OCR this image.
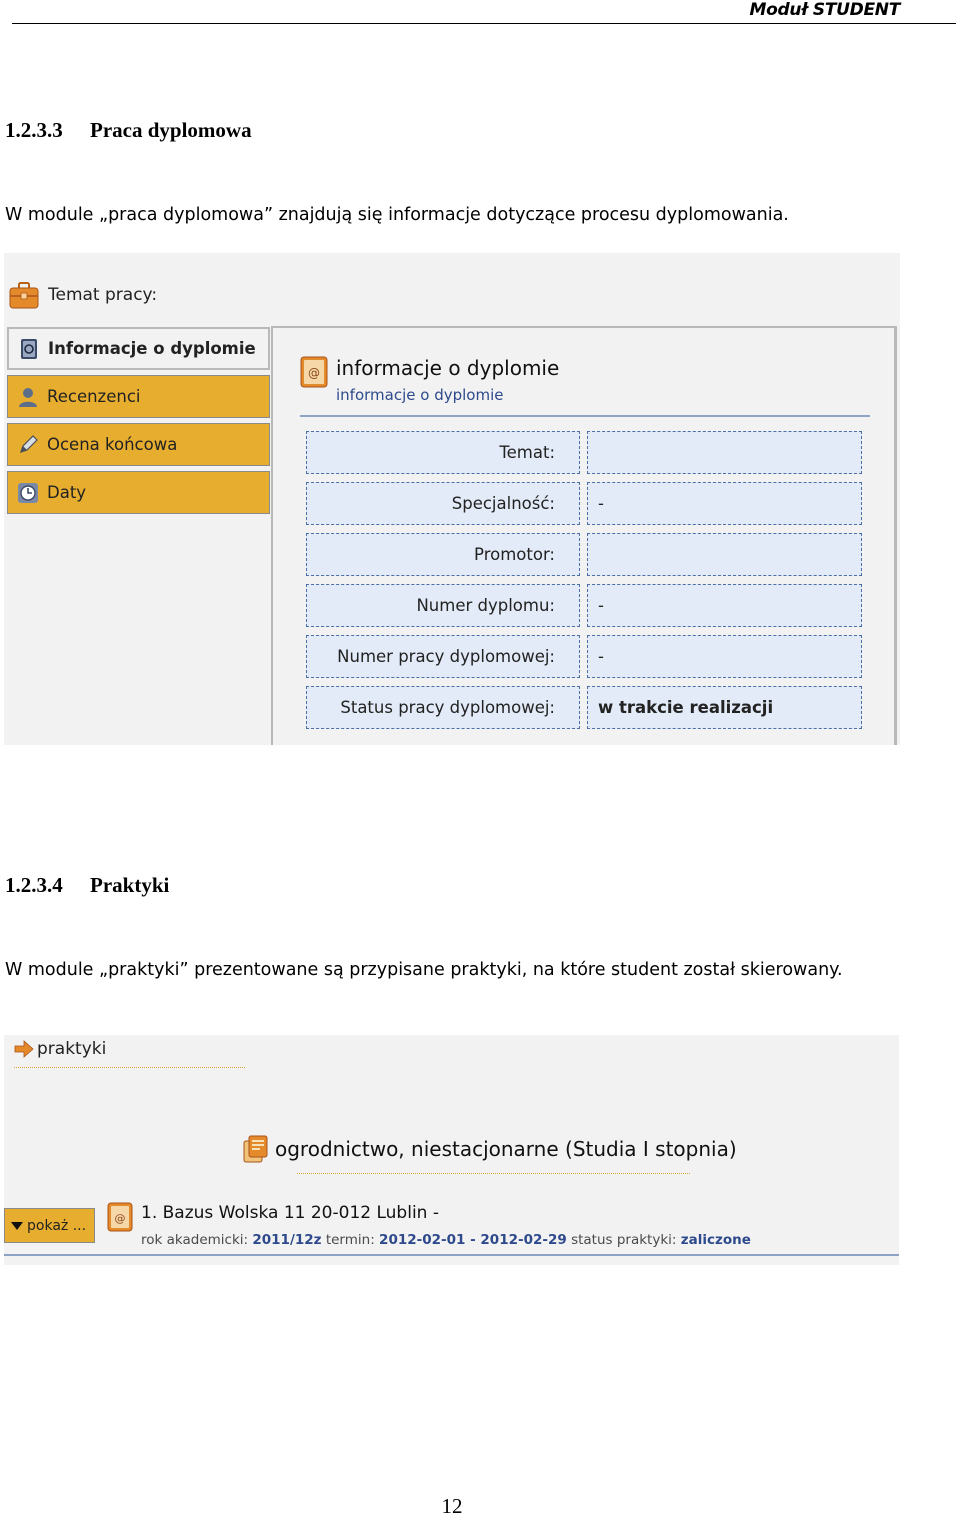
Moduł STUDENT
1.2.3.3 Praca dyplomowa
W module „praca dyplomowa” znajdują się informacje dotyczące procesu dyplomowania.
Temat pracy:
Informacje o dyplomie
Recenzenci
Ocena końcowa
Daty
@ informacje o dyplomie
informacje o dyplomie
Temat:
Specjalność:	-
Promotor:
Numer dyplomu:	-
Numer pracy dyplomowej:	-
Status pracy dyplomowej:	w trakcie realizacji
1.2.3.4 Praktyki
W module „praktyki” prezentowane są przypisane praktyki, na które student został skierowany.
praktyki
ogrodnictwo, niestacjonarne (Studia I stopnia)
pokaż ...	@ 1. Bazus Wolska 11 20-012 Lublin -
rok akademicki: 2011/12z termin: 2012-02-01 - 2012-02-29 status praktyki: zaliczone
12
